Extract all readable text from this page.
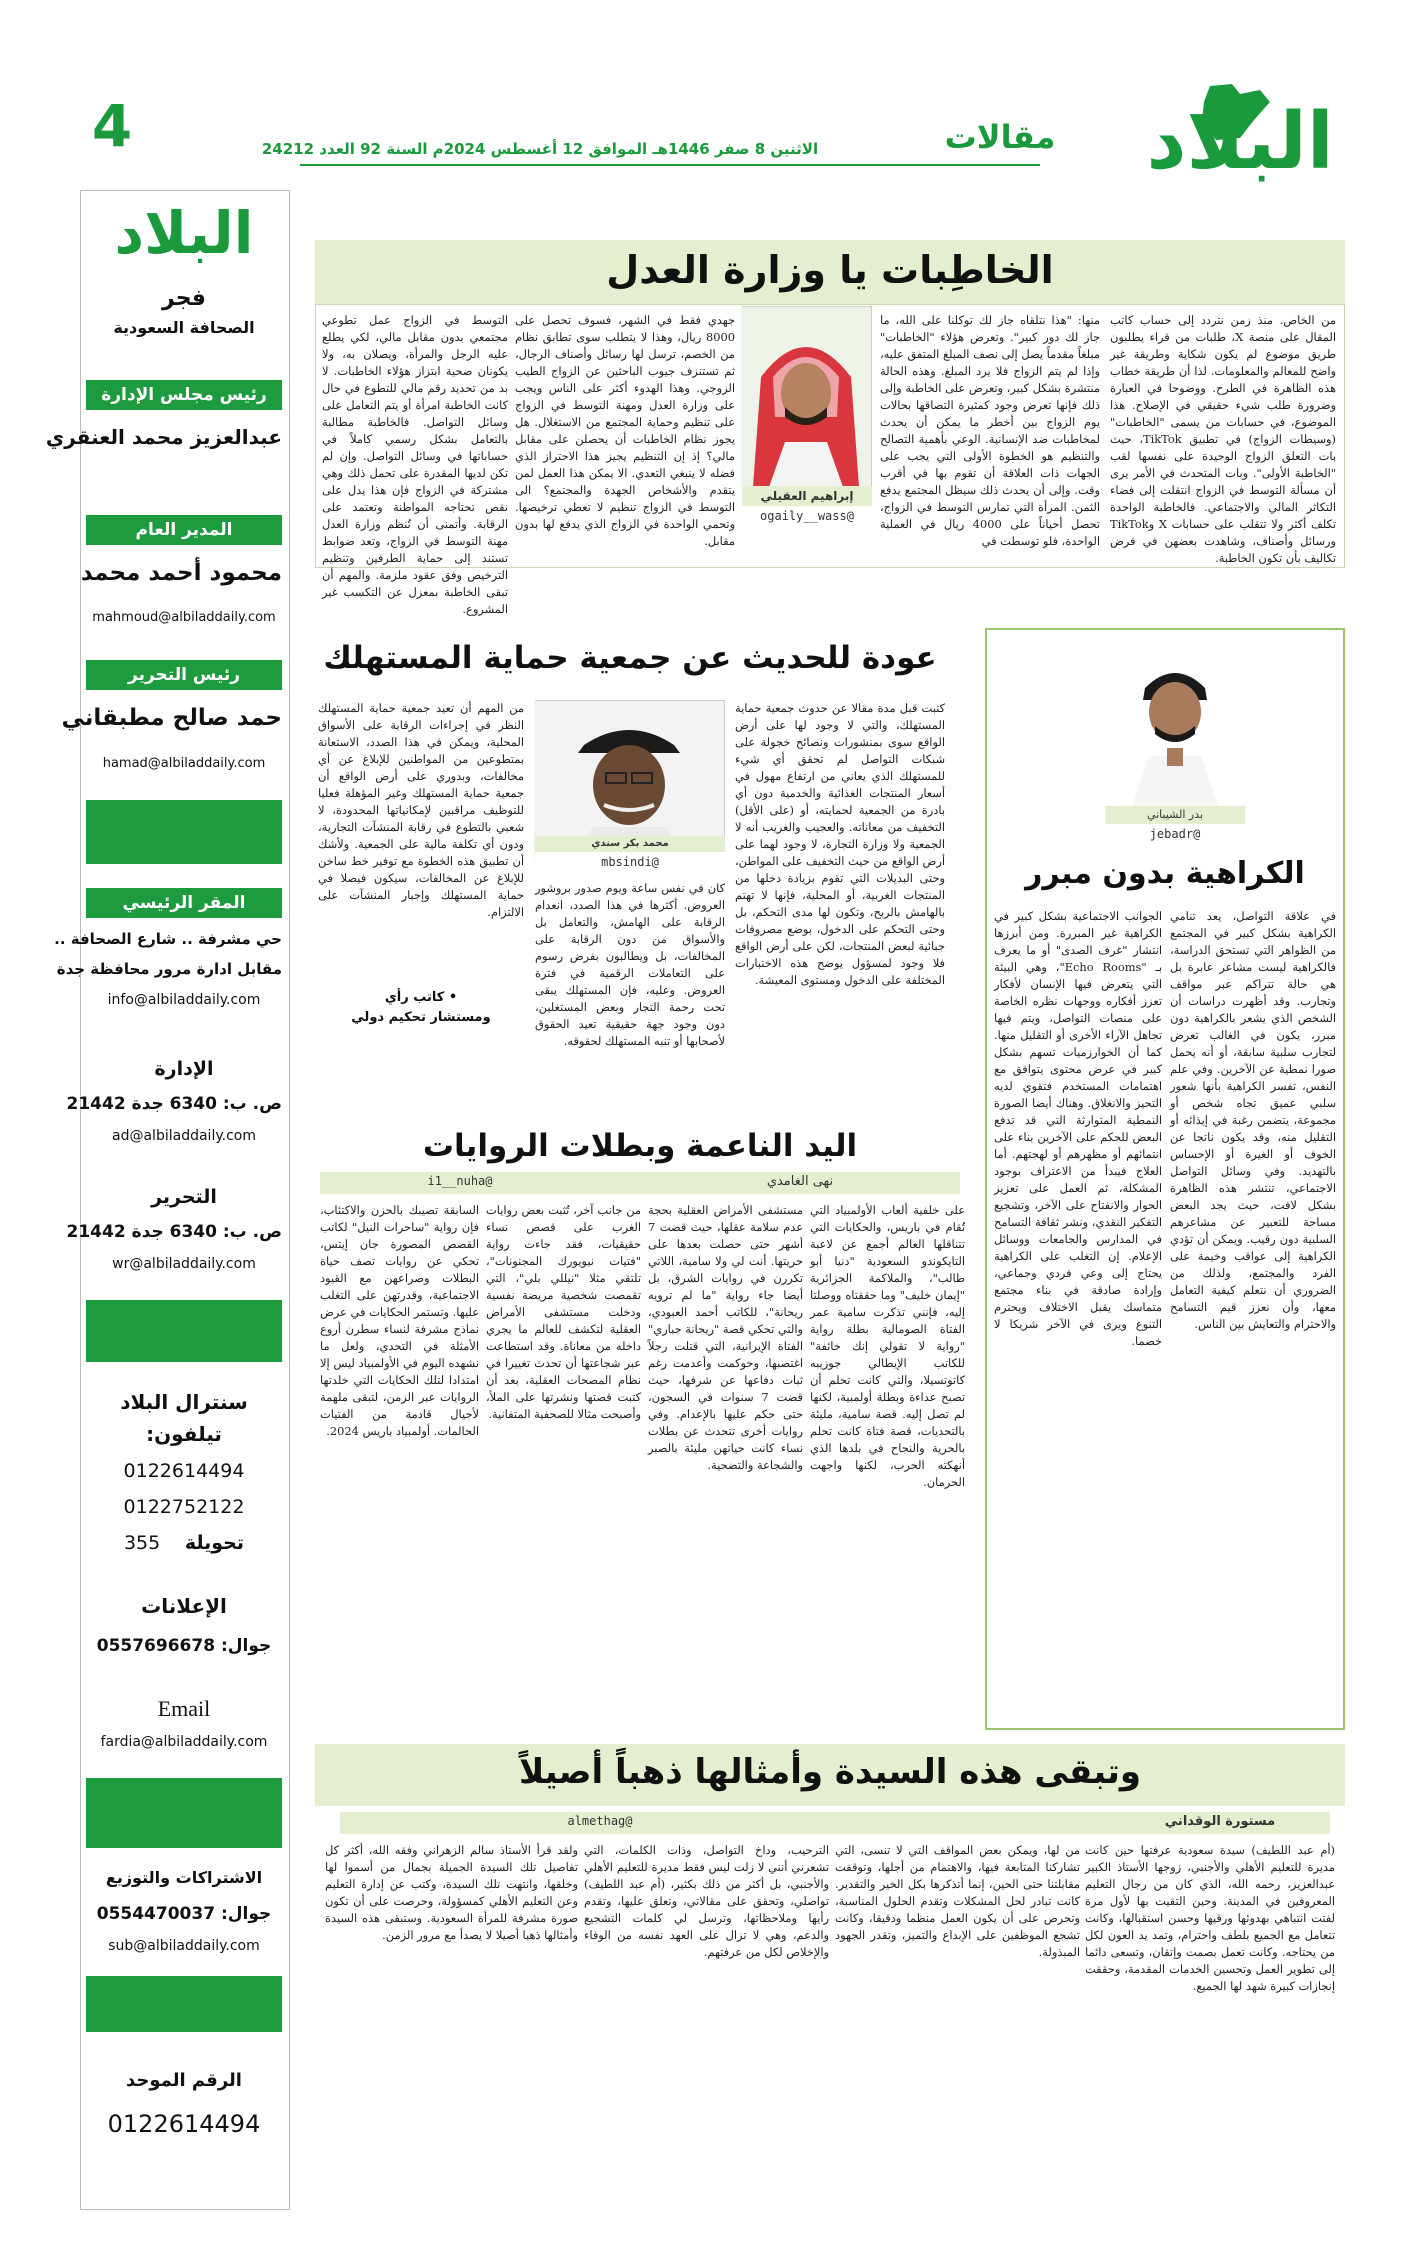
البلاد
مقالات
الاثنين 8 صفر 1446هـ الموافق 12 أغسطس 2024م السنة 92 العدد 24212
4
البلاد
فجر
الصحافة السعودية
رئيس مجلس الإدارة
عبدالعزيز محمد العنقري
المدير العام
محمود أحمد محمد
mahmoud@albiladdaily.com
رئيس التحرير
حمد صالح مطبقاني
hamad@albiladdaily.com
المقر الرئيسي
حي مشرفة .. شارع الصحافة ..
مقابل ادارة مرور محافظة جدة
info@albiladdaily.com
الإدارة
ص. ب: 6340 جدة 21442
ad@albiladdaily.com
التحرير
ص. ب: 6340 جدة 21442
wr@albiladdaily.com
سنترال البلاد
تيلفون:
0122614494
0122752122
تحويلة 355
الإعلانات
جوال: 0557696678
Email
fardia@albiladdaily.com
الاشتراكات والتوزيع
جوال: 0554470037
sub@albiladdaily.com
الرقم الموحد
0122614494
الخاطِبات يا وزارة العدل
من الخاص. منذ زمن نتردد إلى حساب كاتب المقال على منصة X، طلبات من قراء يطلبون طريق موضوع لم يكون شكاية وطريقة غير واضح للمعالم والمعلومات. لذا أن طريقة خطاب هذه الظاهرة في الطرح. ووضوحا في العبارة وضرورة طلب شيء حقيقي في الإصلاح. هذا الموضوع، في حسابات من يسمى "الخاطبات" (وسيطات الزواج) في تطبيق TikTok، حيث بات التعلق الزواج الوحيدة على نفسها لقب "الخاطبة الأولى". وبات المتحدث في الأمر يرى أن مسألة التوسط في الزواج انتقلت إلى فضاء التكاثر المالي والاجتماعي. فالخاطبة الواحدة تكلف أكثر ولا تتقلب على حسابات X وTikTok ورسائل وأصناف، وشاهدت بعضهن في فرض تكاليف بأن تكون الخاطبة.
منها: "هذا نتلقاه جاز لك توكلنا على الله، ما جاز لك دور كبير". وتعرض هؤلاء "الخاطبات" مبلغاً مقدماً يصل إلى نصف المبلغ المتفق عليه، وإذا لم يتم الزواج فلا يرد المبلغ. وهذه الحالة منتشرة بشكل كبير، وتعرض على الخاطبة وإلى ذلك فإنها تعرض وجود كمثيرة التصاقها بحالات يوم الزواج بين أخطر ما يمكن أن يحدث لمخاطبات ضد الإنسانية. الوعي بأهمية التصالح والتنظيم هو الخطوة الأولى التي يجب على الجهات ذات العلاقة أن تقوم بها في أقرب وقت. وإلى أن يحدث ذلك سيظل المجتمع يدفع الثمن. المرأة التي تمارس التوسط في الزواج، تحصل أحياناً على 4000 ريال في العملية الواحدة، فلو توسطت في
إبراهيم العقيلي
@ogaily__wass
جهدي فقط في الشهر، فسوف تحصل على 8000 ريال، وهذا لا يتطلب سوى تطابق نظام من الخصم، ترسل لها رسائل وأصناف الرجال، ثم تستنزف جيوب الباحثين عن الزواج الطيب الزوجي. وهذا الهدوء أكثر على الناس ويجب على وزارة العدل ومهنة التوسط في الزواج على تنظيم وحماية المجتمع من الاستغلال. هل يجوز نظام الخاطبات أن يحصلن على مقابل مالي؟ إذ إن التنظيم يجيز هذا الاحتراز الذي فضله لا ينبغي التعدي. الا يمكن هذا العمل لمن يتقدم والأشخاص الجهدة والمجتمع؟ الى التوسط في الزواج تنظيم لا تعطي ترخيصها. وتحمي الواحدة في الزواج الذي يدفع لها بدون مقابل.
التوسط في الزواج عمل تطوعي مجتمعي بدون مقابل مالي، لكي يطلع عليه الرجل والمرأة، ويصلان به، ولا يكونان ضحية ابتزاز هؤلاء الخاطبات. لا بد من تحديد رقم مالي للتطوع في حال كانت الخاطبة امرأة أو يتم التعامل على وسائل التواصل. فالخاطبة مطالبة بالتعامل بشكل رسمي كاملاً في حساباتها في وسائل التواصل. وإن لم تكن لديها المقدرة على تحمل ذلك وهي مشتركة في الزواج فإن هذا يدل على نقص تحتاجه المواطنة وتعتمد على الرقابة. وأتمنى أن تُنظم وزارة العدل مهنة التوسط في الزواج، وتعد ضوابط تستند إلى حماية الطرفين وتنظيم الترخيص وفق عقود ملزمة. والمهم أن تبقى الخاطبة بمعزل عن التكسب غير المشروع.
عودة للحديث عن جمعية حماية المستهلك
كتبت قبل مدة مقالا عن حدوث جمعية حماية المستهلك، والتي لا وجود لها على أرض الواقع سوى بمنشورات ونصائح خجولة على شبكات التواصل لم تحقق أي شيء للمستهلك الذي يعاني من ارتفاع مهول في أسعار المنتجات الغذائية والخدمية دون أي بادرة من الجمعية لحمايته، أو (على الأقل) التخفيف من معاناته. والعجيب والغريب أنه لا الجمعية ولا وزارة التجارة، لا وجود لهما على أرض الواقع من حيث التخفيف على المواطن، وحتى البديلات التي تقوم بزيادة دخلها من المنتجات الغربية، أو المحلية، فإنها لا تهتم بالهامش بالربح، وتكون لها مدى التحكم، بل وحتى التحكم على الدخول، بوضع مصروفات جبائية لبعض المنتجات، لكن على أرض الواقع فلا وجود لمسؤول يوضح هذه الاختبارات المختلفة على الدخول ومستوى المعيشة.
محمد بكر سندي
@mbsindi
كان في نفس ساعة ويوم صدور بروشور العروض. أكثرها في هذا الصدد، انعدام الرقابة على الهامش، والتعامل بل والأسواق من دون الرقابة على المخالفات، بل ويطالبون بفرض رسوم على التعاملات الرقمية في فترة العروض. وعليه، فإن المستهلك يبقى تحت رحمة التجار وبعض المستغلين، دون وجود جهة حقيقية تعيد الحقوق لأصحابها أو تنبه المستهلك لحقوقه.
من المهم أن تعيد جمعية حماية المستهلك النظر في إجراءات الرقابة على الأسواق المحلية، ويمكن في هذا الصدد، الاستعانة بمتطوعين من المواطنين للإبلاغ عن أي مخالفات، وبدوري على أرض الواقع أن جمعية حماية المستهلك وغير المؤهلة فعليا للتوظيف مراقبين لإمكانياتها المحدودة، لا شعبي بالتطوع في رقابة المنشآت التجارية، ودون أي تكلفة مالية على الجمعية. ولأشك أن تطبيق هذه الخطوة مع توفير خط ساخن للإبلاغ عن المخالفات، سيكون فيصلا في حماية المستهلك وإجبار المنشآت على الالتزام.
• كاتب رأي
ومستشار تحكيم دولي
بدر الشيباني
@jebadr
الكراهية بدون مبرر
في علاقة التواصل، يعد تنامي الكراهية بشكل كبير في المجتمع من الظواهر التي تستحق الدراسة، فالكراهية ليست مشاعر عابرة بل هي حالة تتراكم عبر مواقف وتجارب. وقد أظهرت دراسات أن الشخص الذي يشعر بالكراهية دون مبرر، يكون في الغالب تعرض لتجارب سلبية سابقة، أو أنه يحمل صورا نمطية عن الآخرين. وفي علم النفس، تفسر الكراهية بأنها شعور سلبي عميق تجاه شخص أو مجموعة، يتضمن رغبة في إيذائه أو التقليل منه، وقد يكون ناتجا عن الخوف أو الغيرة أو الإحساس بالتهديد. وفي وسائل التواصل الاجتماعي، تنتشر هذه الظاهرة بشكل لافت، حيث يجد البعض مساحة للتعبير عن مشاعرهم السلبية دون رقيب. ويمكن أن تؤدي الكراهية إلى عواقب وخيمة على الفرد والمجتمع، ولذلك من الضروري أن نتعلم كيفية التعامل معها، وأن نعزز قيم التسامح والاحترام والتعايش بين الناس.
الجوانب الاجتماعية بشكل كبير في الكراهية غير المبررة. ومن أبرزها انتشار "غرف الصدى" أو ما يعرف بـ "Echo Rooms"، وهي البيئة التي يتعرض فيها الإنسان لأفكار تعزز أفكاره ووجهات نظره الخاصة على منصات التواصل، ويتم فيها تجاهل الآراء الأخرى أو التقليل منها. كما أن الخوارزميات تسهم بشكل كبير في عرض محتوى يتوافق مع اهتمامات المستخدم فتقوي لديه التحيز والانغلاق. وهناك أيضا الصورة النمطية المتوارثة التي قد تدفع البعض للحكم على الآخرين بناء على انتمائهم أو مظهرهم أو لهجتهم. أما العلاج فيبدأ من الاعتراف بوجود المشكلة، ثم العمل على تعزيز الحوار والانفتاح على الآخر، وتشجيع التفكير النقدي، ونشر ثقافة التسامح في المدارس والجامعات ووسائل الإعلام. إن التغلب على الكراهية يحتاج إلى وعي فردي وجماعي، وإرادة صادقة في بناء مجتمع متماسك يقبل الاختلاف ويحترم التنوع ويرى في الآخر شريكا لا خصما.
اليد الناعمة وبطلات الروايات
نهى الغامدي
@i1__nuha
على خلفية ألعاب الأولمبياد التي تُقام في باريس، والحكايات التي تتناقلها العالم أجمع عن لاعبة التايكوندو السعودية "دنيا أبو طالب"، والملاكمة الجزائرية "إيمان خليف" وما حققتاه ووصلتا إليه، فإنني تذكرت سامية عمر الفتاة الصومالية بطلة رواية "رواية لا تقولي إنك خائفة" للكاتب الإيطالي جوزيبه كاتوتسيلا، والتي كانت تحلم أن تصبح عداءة وبطلة أولمبية، لكنها لم تصل إليه. قصة سامية، مليئة بالتحديات، قصة فتاة كانت تحلم بالحرية والنجاح في بلدها الذي أنهكته الحرب، لكنها واجهت الحرمان.
مستشفى الأمراض العقلية بحجة عدم سلامة عقلها، حيث قضت 7 أشهر حتى حصلت بعدها على حريتها. أنت لي ولا سامية، اللاتي تكررن في روايات الشرق، بل أيضا جاء رواية "ما لم ترويه ريحانة"، للكاتب أحمد العبودي، والتي تحكي قصة "ريحانة جباري" الفتاة الإيرانية، التي قتلت رجلاً اغتصبها، وحوكمت وأعدمت رغم ثبات دفاعها عن شرفها، حيث قضت 7 سنوات في السجون، حتى حكم عليها بالإعدام. وفي روايات أخرى تتحدث عن بطلات نساء كانت حياتهن مليئة بالصبر والشجاعة والتضحية.
من جانب آخر، تُثبت بعض روايات الغرب على قصص نساء حقيقيات، فقد جاءت رواية "فتيات نيويورك المجنونات"، تلتقي مثلا "نيللي بلي"، التي تقمصت شخصية مريضة نفسية ودخلت مستشفى الأمراض العقلية لتكشف للعالم ما يجري داخله من معاناة. وقد استطاعت عبر شجاعتها أن تحدث تغييرا في نظام المصحات العقلية، بعد أن كتبت قصتها ونشرتها على الملأ، وأصبحت مثالا للصحفية المتفانية.
السابقة تصيبك بالحزن والاكتئاب، فإن رواية "ساحرات النيل" لكاتب القصص المصورة جان إيتس، تحكي عن روايات تصف حياة البطلات وصراعهن مع القيود الاجتماعية، وقدرتهن على التغلب عليها. وتستمر الحكايات في عرض نماذج مشرفة لنساء سطرن أروع الأمثلة في التحدي، ولعل ما نشهده اليوم في الأولمبياد ليس إلا امتدادا لتلك الحكايات التي خلدتها الروايات عبر الزمن، لتبقى ملهمة لأجيال قادمة من الفتيات الحالمات. أولمبياد باريس 2024.
وتبقى هذه السيدة وأمثالها ذهباً أصيلاً
مستورة الوقداني
@almethag
(أم عبد اللطيف) سيدة سعودية عرفتها حين كانت مديرة للتعليم الأهلي والأجنبي، زوجها الأستاذ الكبير عبدالعزيز، رحمه الله، الذي كان من رجال التعليم المعروفين في المدينة. وحين التقيت بها لأول مرة لفتت انتباهي بهدوئها ورقيها وحسن استقبالها، وكانت تتعامل مع الجميع بلطف واحترام، وتمد يد العون لكل من يحتاجه. وكانت تعمل بصمت وإتقان، وتسعى دائما إلى تطوير العمل وتحسين الخدمات المقدمة، وحققت إنجازات كبيرة شهد لها الجميع.
من لها، ويمكن بعض المواقف التي لا تنسى، التي تشاركنا المتابعة فيها، والاهتمام من أجلها، وتوقفت مقابلتنا حتى الحين، إنما أتذكرها بكل الخير والتقدير. كانت تبادر لحل المشكلات وتقدم الحلول المناسبة، وتحرص على أن يكون العمل منظما ودقيقا، وكانت تشجع الموظفين على الإبداع والتميز، وتقدر الجهود المبذولة.
الترحيب، وداخ التواصل، وذات الكلمات، التي تشعرني أنني لا زلت ليس فقط مديرة للتعليم الأهلي والأجنبي، بل أكثر من ذلك بكثير، (أم عبد اللطيف) تواصلي، وتحقق على مقالاتي، وتعلق عليها، وتقدم رأيها وملاحظاتها، وترسل لي كلمات التشجيع والدعم، وهي لا تزال على العهد نفسه من الوفاء والإخلاص لكل من عرفتهم.
ولقد قرأ الأستاذ سالم الزهراني وفقه الله، أكثر كل تفاصيل تلك السيدة الجميلة بجمال من أسموا لها وخلقها، وانتهت تلك السيدة، وكتب عن إدارة التعليم وعن التعليم الأهلي كمسؤولة، وحرصت على أن تكون صورة مشرفة للمرأة السعودية. وستبقى هذه السيدة وأمثالها ذهبا أصيلا لا يصدأ مع مرور الزمن.
